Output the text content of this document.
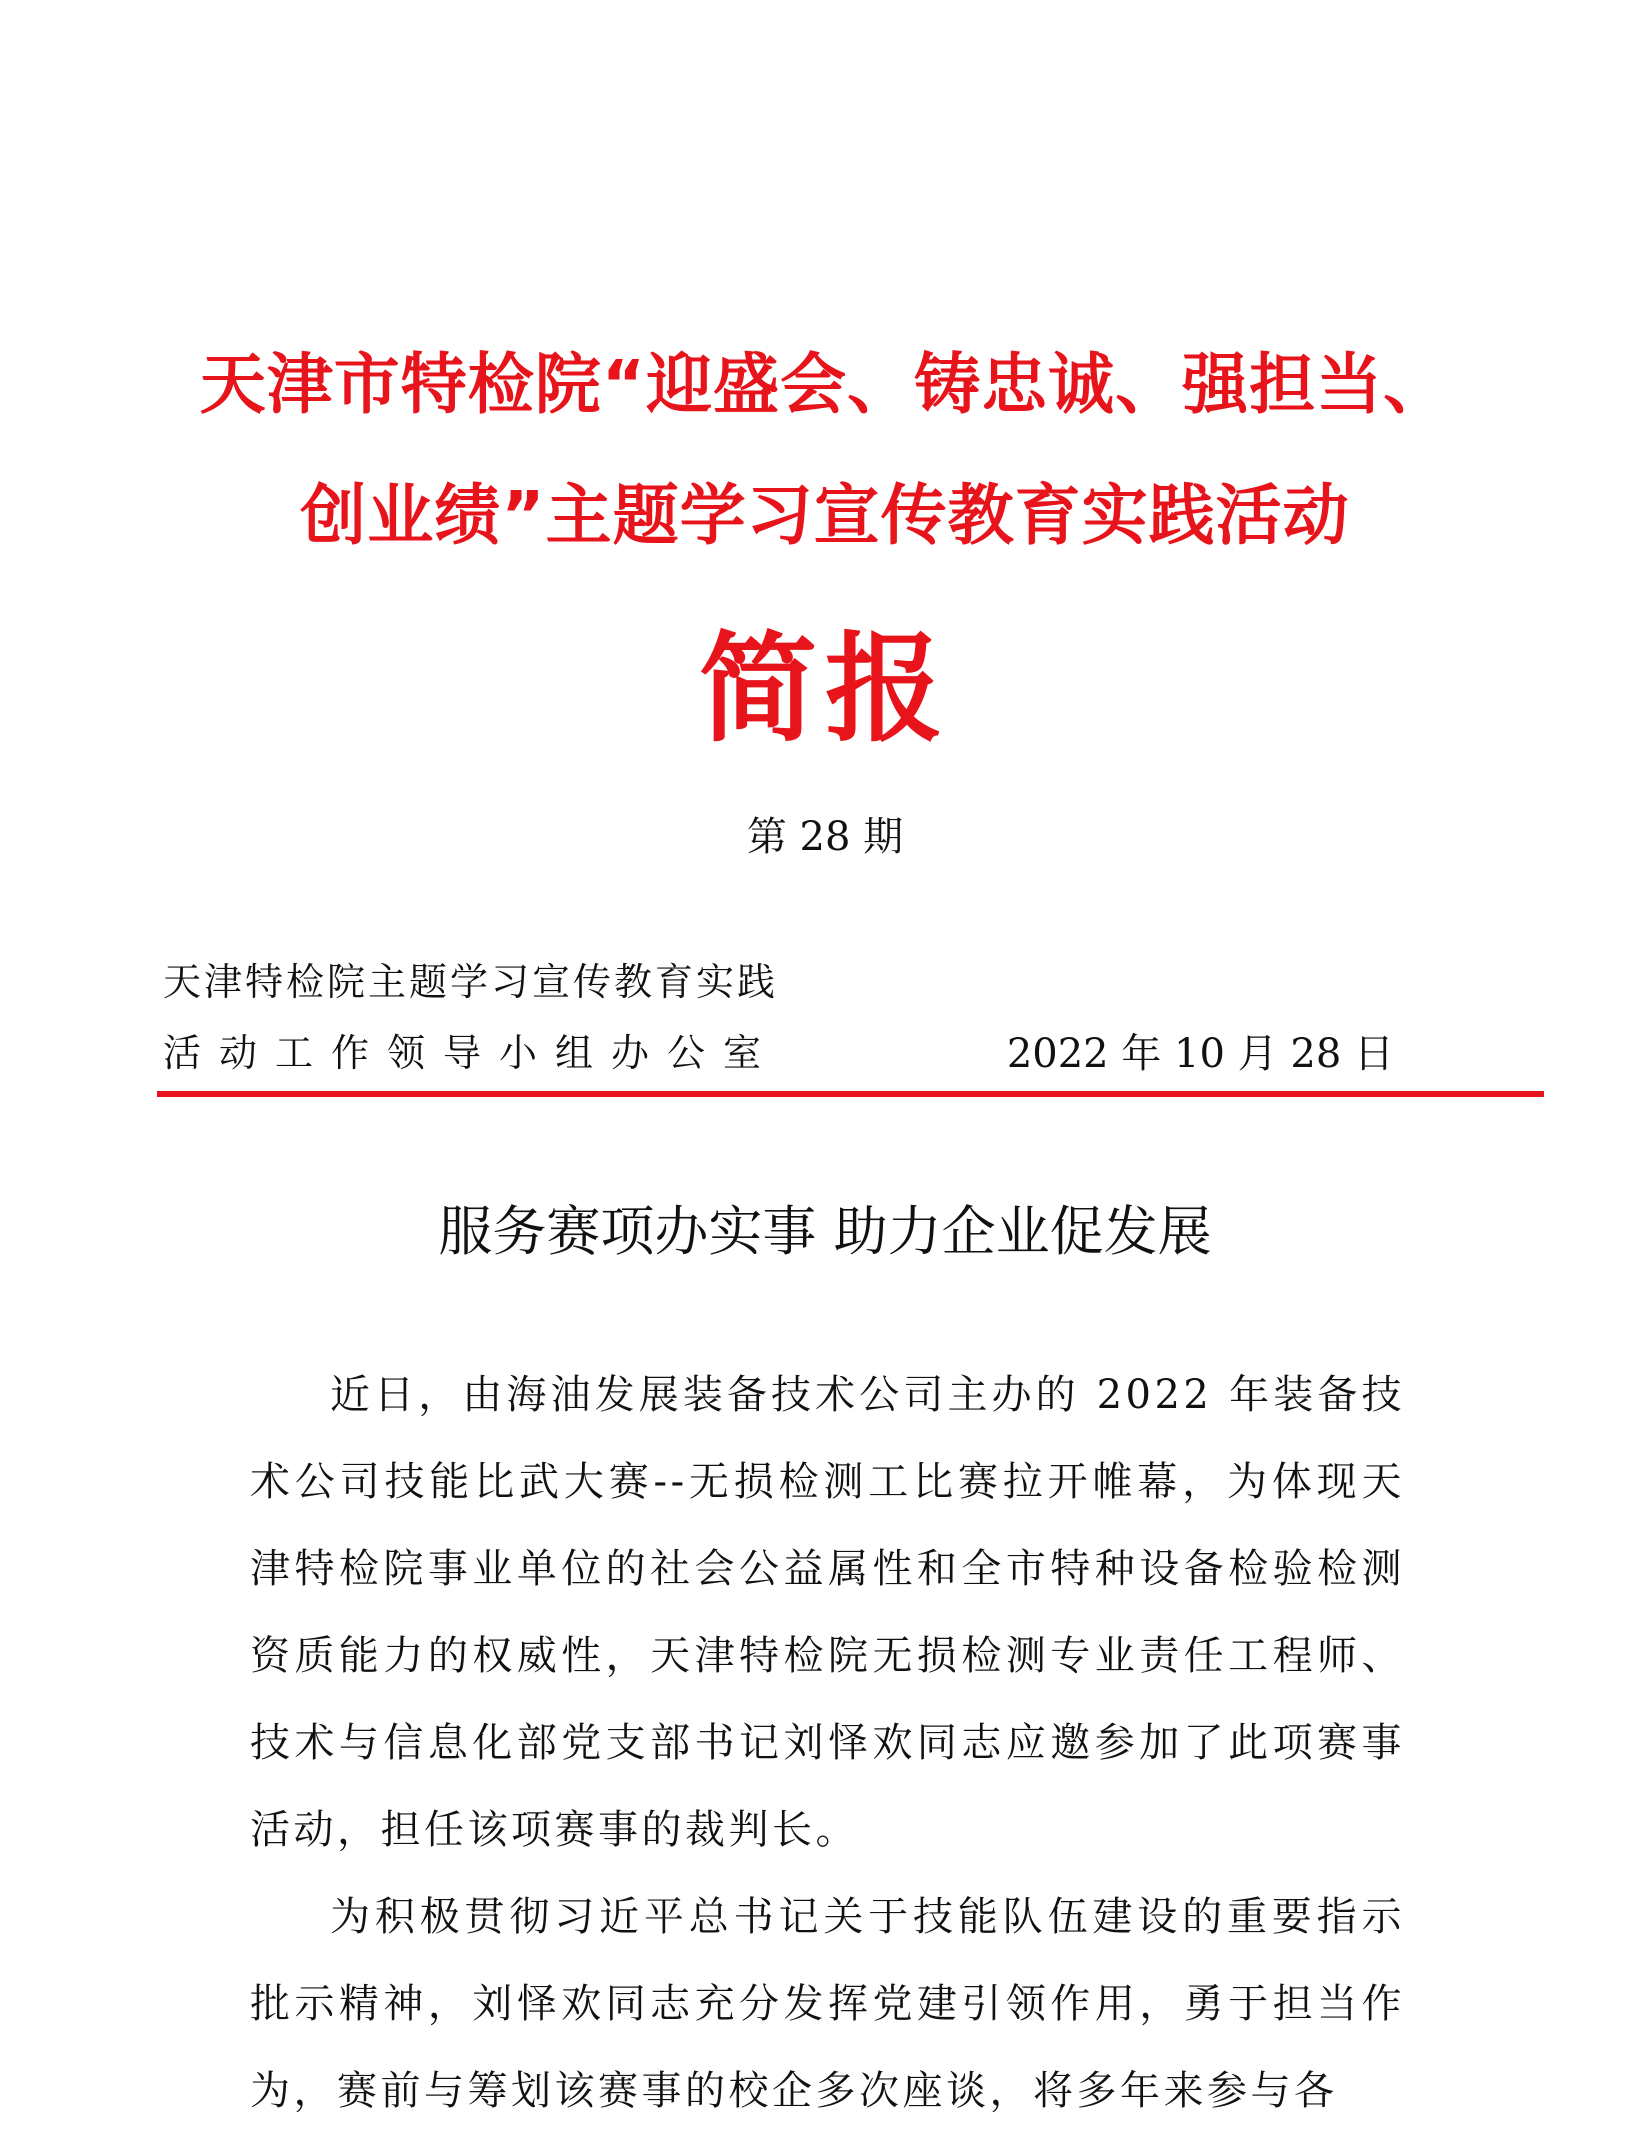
天津市特检院“迎盛会、铸忠诚、强担当、
创业绩”主题学习宣传教育实践活动
简报
第 28 期
天津特检院主题学习宣传教育实践
活动工作领导小组办公室	2022 年 10 月 28 日
服务赛项办实事 助力企业促发展

近日，由海油发展装备技术公司主办的 2022 年装备技术公司技能比武大赛--无损检测工比赛拉开帷幕，为体现天津特检院事业单位的社会公益属性和全市特种设备检验检测资质能力的权威性，天津特检院无损检测专业责任工程师、技术与信息化部党支部书记刘怿欢同志应邀参加了此项赛事活动，担任该项赛事的裁判长。

为积极贯彻习近平总书记关于技能队伍建设的重要指示批示精神，刘怿欢同志充分发挥党建引领作用，勇于担当作为，赛前与筹划该赛事的校企多次座谈，将多年来参与各
